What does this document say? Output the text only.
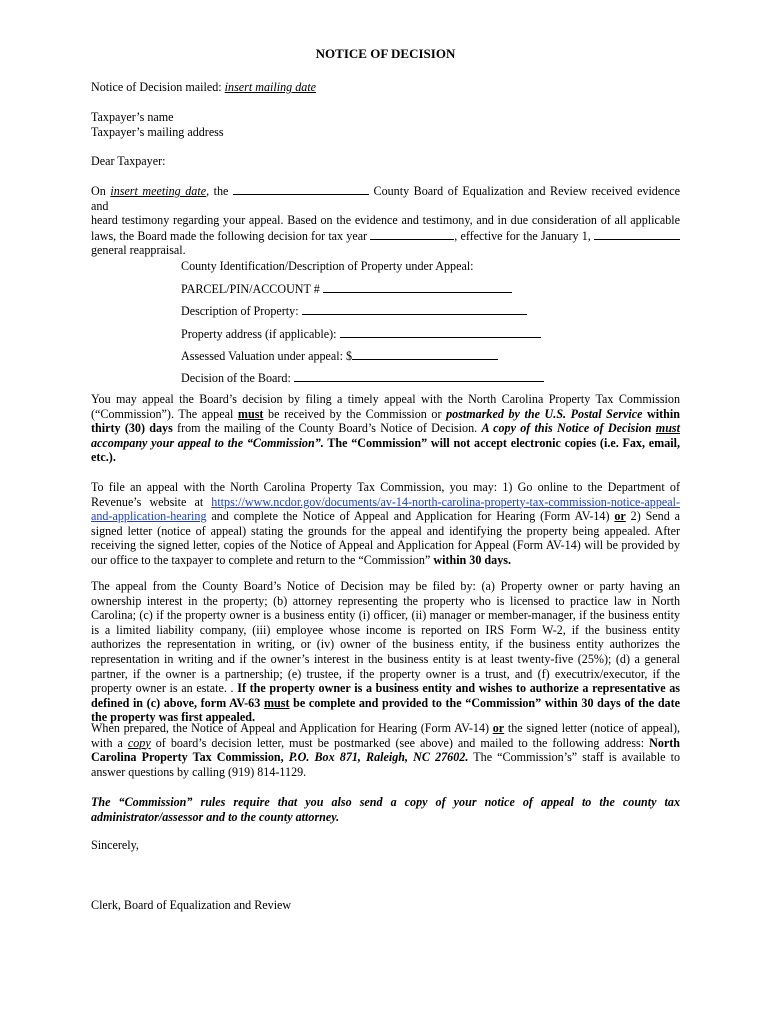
NOTICE OF DECISION
Notice of Decision mailed: insert mailing date
Taxpayer’s name
Taxpayer’s mailing address
Dear Taxpayer:
On insert meeting date, the	County Board of Equalization and Review received evidence and
heard testimony regarding your appeal. Based on the evidence and testimony, and in due consideration of all applicable
laws, the Board made the following decision for tax year	, effective for the January 1,
general reappraisal.
County Identification/Description of Property under Appeal:
PARCEL/PIN/ACCOUNT #
Description of Property:
Property address (if applicable):
Assessed Valuation under appeal: $
Decision of the Board:

You may appeal the Board’s decision by filing a timely appeal with the North Carolina Property Tax Commission (“Commission”). The appeal must be received by the Commission or postmarked by the U.S. Postal Service within thirty (30) days from the mailing of the County Board’s Notice of Decision. A copy of this Notice of Decision must accompany your appeal to the “Commission”. The “Commission” will not accept electronic copies (i.e. Fax, email, etc.).

To file an appeal with the North Carolina Property Tax Commission, you may: 1) Go online to the Department of Revenue’s website at https://www.ncdor.gov/documents/av-14-north-carolina-property-tax-commission-notice-appeal-and-application-hearing and complete the Notice of Appeal and Application for Hearing (Form AV-14) or 2) Send a signed letter (notice of appeal) stating the grounds for the appeal and identifying the property being appealed. After receiving the signed letter, copies of the Notice of Appeal and Application for Appeal (Form AV-14) will be provided by our office to the taxpayer to complete and return to the “Commission” within 30 days.

The appeal from the County Board’s Notice of Decision may be filed by: (a) Property owner or party having an ownership interest in the property; (b) attorney representing the property who is licensed to practice law in North Carolina; (c) if the property owner is a business entity (i) officer, (ii) manager or member-manager, if the business entity is a limited liability company, (iii) employee whose income is reported on IRS Form W-2, if the business entity authorizes the representation in writing, or (iv) owner of the business entity, if the business entity authorizes the representation in writing and if the owner’s interest in the business entity is at least twenty-five (25%); (d) a general partner, if the owner is a partnership; (e) trustee, if the property owner is a trust, and (f) executrix/executor, if the property owner is an estate. . If the property owner is a business entity and wishes to authorize a representative as defined in (c) above, form AV-63 must be complete and provided to the “Commission” within 30 days of the date the property was first appealed.

When prepared, the Notice of Appeal and Application for Hearing (Form AV-14) or the signed letter (notice of appeal), with a copy of board’s decision letter, must be postmarked (see above) and mailed to the following address: North Carolina Property Tax Commission, P.O. Box 871, Raleigh, NC 27602. The “Commission’s” staff is available to answer questions by calling (919) 814-1129.

The “Commission” rules require that you also send a copy of your notice of appeal to the county tax administrator/assessor and to the county attorney.

Sincerely,
Clerk, Board of Equalization and Review
